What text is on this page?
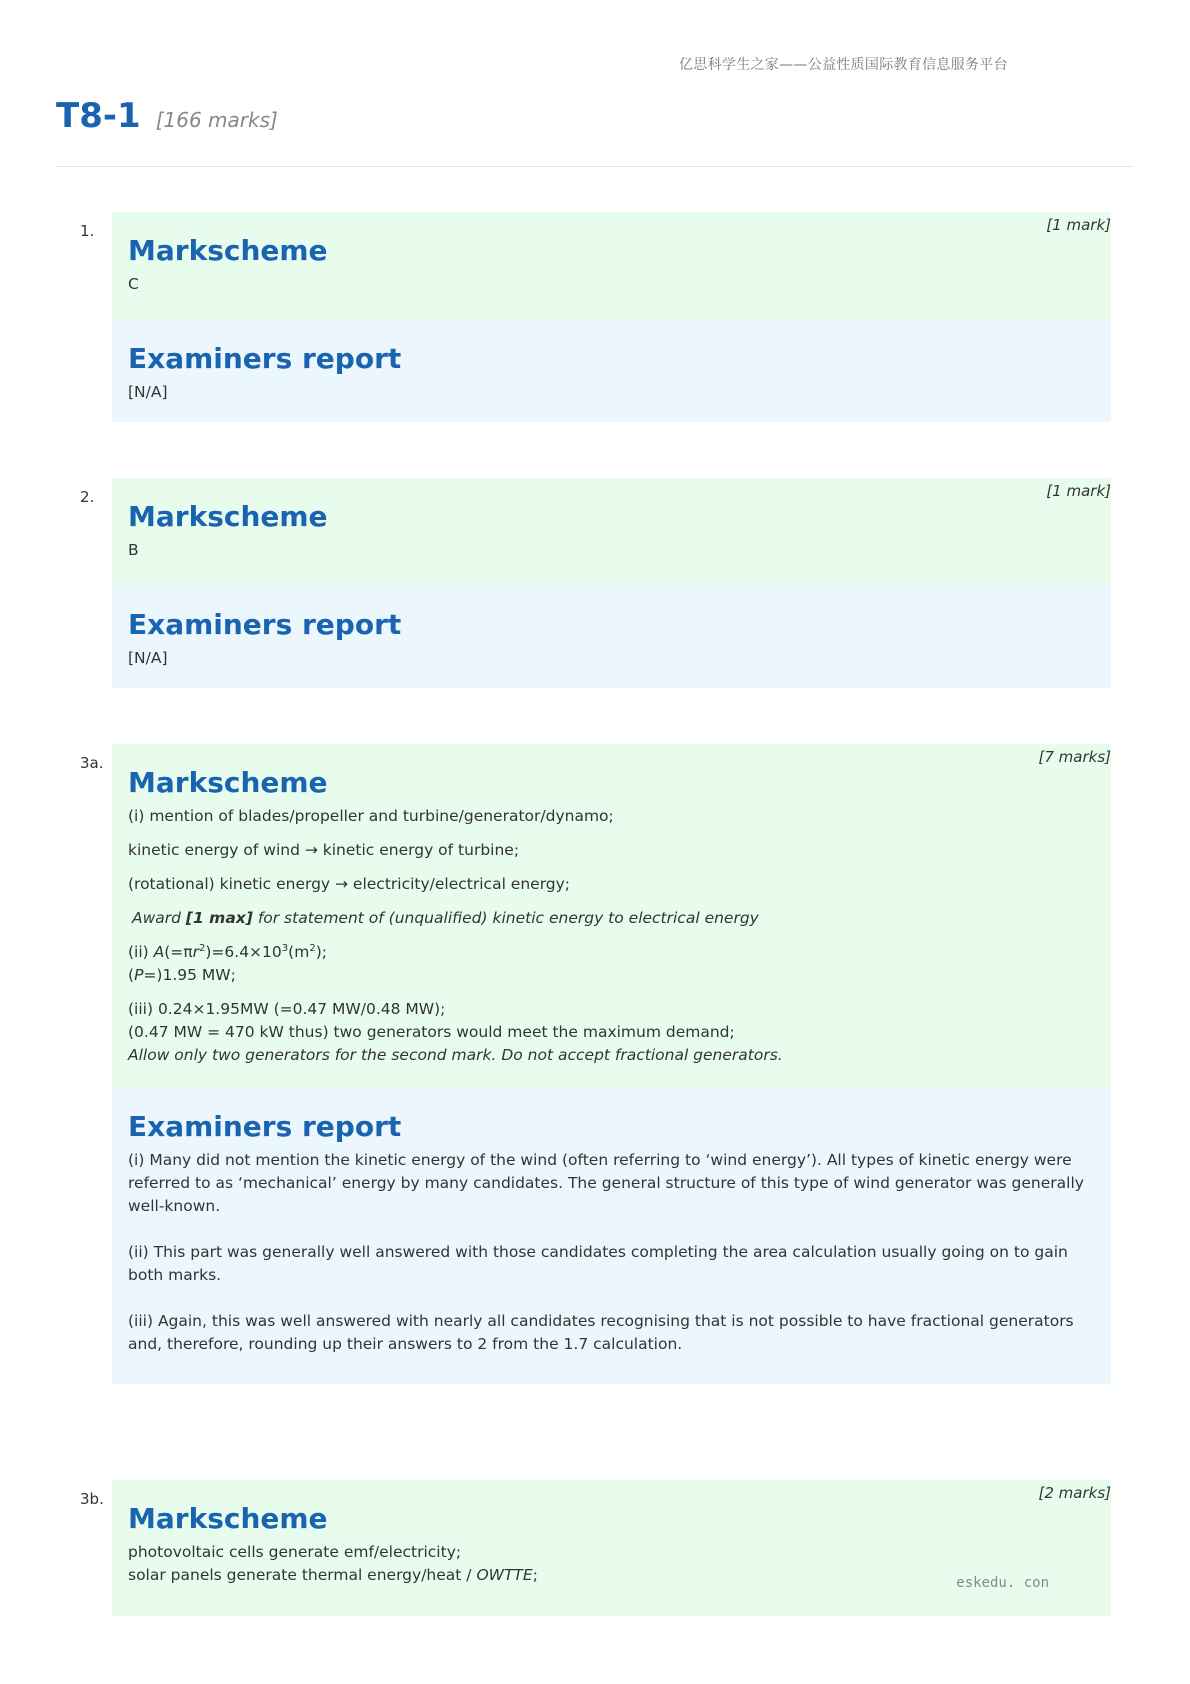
亿思科学生之家——公益性质国际教育信息服务平台
T8-1 [166 marks]
1.	[1 mark]
Markscheme
C
Examiners report
[N/A]
2.	[1 mark]
Markscheme
B
Examiners report
[N/A]
3a.	[7 marks]
Markscheme
(i) mention of blades/propeller and turbine/generator/dynamo;
kinetic energy of wind → kinetic energy of turbine;
(rotational) kinetic energy → electricity/electrical energy;
Award [1 max] for statement of (unqualified) kinetic energy to electrical energy
(ii) $A(=\pi r^2)=6.4\times 10^3(m^2)$;
(P=)1.95 MW;
(iii) 0.24×1.95MW (=0.47 MW/0.48 MW);
(0.47 MW = 470 kW thus) two generators would meet the maximum demand;
Allow only two generators for the second mark. Do not accept fractional generators.
Examiners report
(i) Many did not mention the kinetic energy of the wind (often referring to ‘wind energy’). All types of kinetic energy were referred to as ‘mechanical’ energy by many candidates. The general structure of this type of wind generator was generally well-known.
(ii) This part was generally well answered with those candidates completing the area calculation usually going on to gain both marks.
(iii) Again, this was well answered with nearly all candidates recognising that is not possible to have fractional generators and, therefore, rounding up their answers to 2 from the 1.7 calculation.
3b.	[2 marks]
Markscheme
photovoltaic cells generate emf/electricity;
solar panels generate thermal energy/heat / OWTTE;	eskedu. con
